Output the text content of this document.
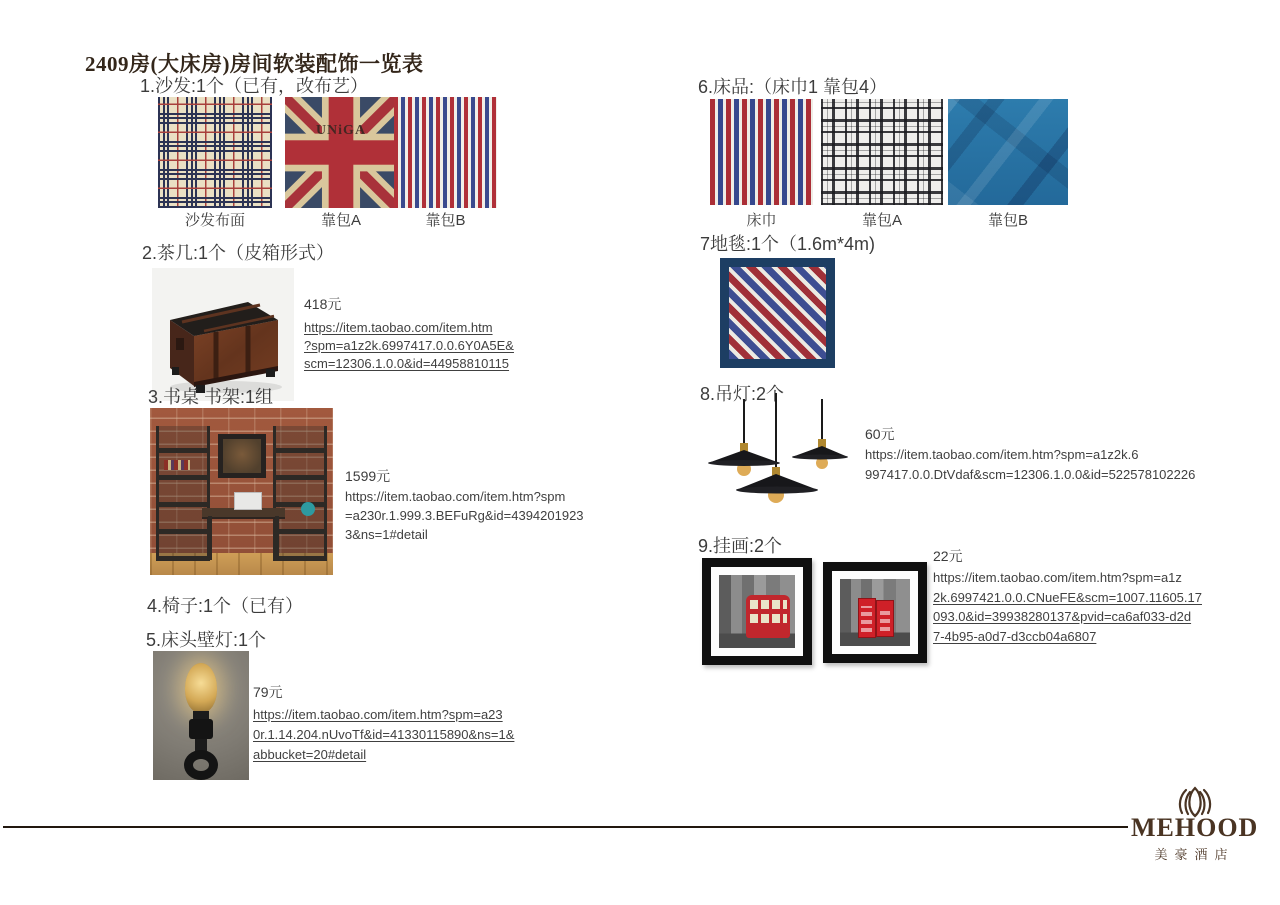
2409房(大床房)房间软装配饰一览表
1.沙发:1个（已有，改布艺）
UNiGA
沙发布面	靠包A	靠包B
2.茶几:1个（皮箱形式）
418元
https://item.taobao.com/item.htm
?spm=a1z2k.6997417.0.0.6Y0A5E&
scm=12306.1.0.0&id=44958810115
3.书桌 书架:1组
1599元
https://item.taobao.com/item.htm?spm
=a230r.1.999.3.BEFuRg&id=4394201923
3&ns=1#detail
4.椅子:1个（已有）
5.床头壁灯:1个
79元
https://item.taobao.com/item.htm?spm=a23
0r.1.14.204.nUvoTf&id=41330115890&ns=1&
abbucket=20#detail
6.床品:（床巾1 靠包4）
床巾	靠包A	靠包B
7地毯:1个（1.6m*4m)
8.吊灯:2个
60元
https://item.taobao.com/item.htm?spm=a1z2k.6
997417.0.0.DtVdaf&scm=12306.1.0.0&id=522578102226
9.挂画:2个	22元
https://item.taobao.com/item.htm?spm=a1z
2k.6997421.0.0.CNueFE&scm=1007.11605.17
093.0&id=39938280137&pvid=ca6af033-d2d
7-4b95-a0d7-d3ccb04a6807
MEHOOD
美豪酒店
